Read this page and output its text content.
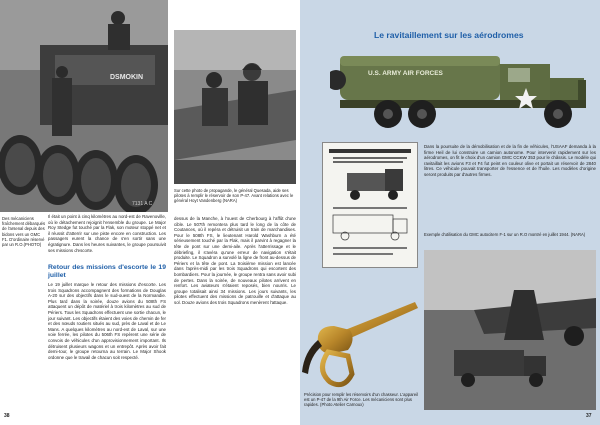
DSMOKIN
7131 A C
Des mécaniciens fraîchement débarqués de l'arsenal depuis des bidons vers un GMC F1. D'ordinaire réservé par un R.O.(PHOTO)
Sur cette photo de propagande, le général Quesada, aide ses pilotes à remplir le réservoir de son P-47. Avant relations avec le général Hoyt Vandenberg (NARA)
Il était un point à cinq kilomètres au nord-est de Ravenoville, où le détachement rejoignit l'ensemble du groupe. Le Major Roy Stedge fut touché par la Flak, son moteur stoppé net et il réussit d'atterrir sur une piste encore en construction. Les passagers eurent la chance de s'en sortir sans une égratignure. Dans les heures suivantes, le groupe poursuivit ses missions d'escorte.
Retour des missions d'escorte le 19 juillet
Le 19 juillet marque le retour des missions d'escorte. Les trois Squadrons accompagnent des formations de Douglas A-20 sur des objectifs dans le sud-ouest de la Normandie. Plus tard dans la soirée, douze avions du 508th FS attaquent un dépôt de matériel à trois kilomètres au sud de Périers. Tous les Squadrons effectuent une sortie chacun, le jour suivant. Les objectifs étaient des voies de chemin de fer et des nœuds routiers situés au sud, près de Laval et de Le Mans. A quelques kilomètres au nord-est de Laval, sur une voie ferrée, les pilotes du 506th FS repèrent une série de convois de véhicules d'un approvisionnement important. Ils détruisent plusieurs wagons et un entrepôt. Après avoir fait demi-tour, le groupe retourna au terrain. Le Major Shook ordonne que le travail de chacun soit respecté.
dessus de la Manche, à l'ouest de Cherbourg à l'affût d'une cible. Le 507th remontera plus tard le long de la côte de Coutances, où il repéra et détruisit un train de marchandises. Pour le 508th FS, le lieutenant Harold Washburn a été sérieusement touché par la Flak, mais il parvint à regagner la tête de pont sur une demi-aile. Après l'atterrissage et le débriefing, il s'avéra qu'une erreur de navigation s'était produite. Le Squadron a survolé la ligne de front au-dessus de Périers et la tête de pont. La troisième mission est lancée dans l'après-midi par les trois Squadrons qui escortent des bombardiers. Pour la journée, le groupe rentra sans avoir subi de pertes. Dans la soirée, de nouveaux pilotes arrivent en renfort. Les aviateurs s'étaient reposés, bien nourris. Le groupe totalisait ainsi 34 missions. Les jours suivants, les pilotes effectuent des missions de patrouille et d'attaque au sol. Douze avions des trois Squadrons menèrent l'attaque.
38
Le ravitaillement sur les aérodromes
U.S. ARMY AIR FORCES
Dans la poursuite de la démobilisation et de la fin de véhicules, l'USAAF demanda à la firme Heil de lui construire un camion autonome. Pour intervenir rapidement sur les aérodromes, on fit le choix d'un camion GMC CCKW 353 pour le châssis. Le modèle qui ravitaillait les avions F3 et F4 fut peint en couleur olive et portait un réservoir de 2840 litres. Ce véhicule pouvait transporter de l'essence et de l'huile. Les modèles d'origine seront produits par d'autres firmes.
Exemple d'utilisation du GMC autocitern F-1 sur un R.O montré en juillet 1944. (NARA)
Précision pour remplir les réservoirs d'un chasseur. L'appareil est un P-47 de la 9th Air Force. Les mécaniciens sont plus rapides. (Photo Atelier Carnoux)
37
